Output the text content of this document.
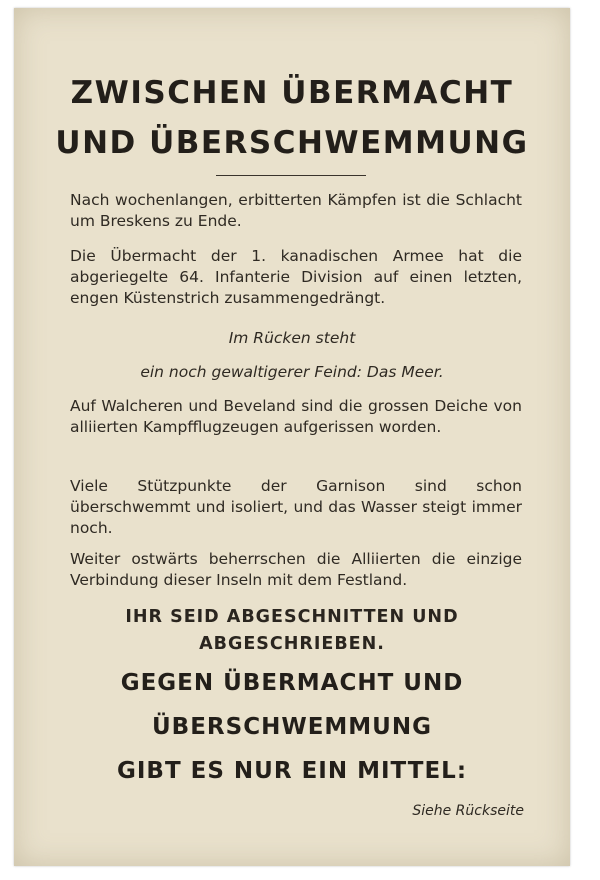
ZWISCHEN ÜBERMACHT
UND ÜBERSCHWEMMUNG
Nach wochenlangen, erbitterten Kämpfen ist die Schlacht um Breskens zu Ende.
Die Übermacht der 1. kanadischen Armee hat die abgeriegelte 64. Infanterie Division auf einen letzten, engen Küstenstrich zusammengedrängt.
Im Rücken steht
ein noch gewaltigerer Feind: Das Meer.
Auf Walcheren und Beveland sind die grossen Deiche von alliierten Kampfflugzeugen aufgerissen worden.
Viele Stützpunkte der Garnison sind schon überschwemmt und isoliert, und das Wasser steigt immer noch.
Weiter ostwärts beherrschen die Alliierten die einzige Verbindung dieser Inseln mit dem Festland.
IHR SEID ABGESCHNITTEN UND
ABGESCHRIEBEN.
GEGEN ÜBERMACHT UND
ÜBERSCHWEMMUNG
GIBT ES NUR EIN MITTEL:
Siehe Rückseite
